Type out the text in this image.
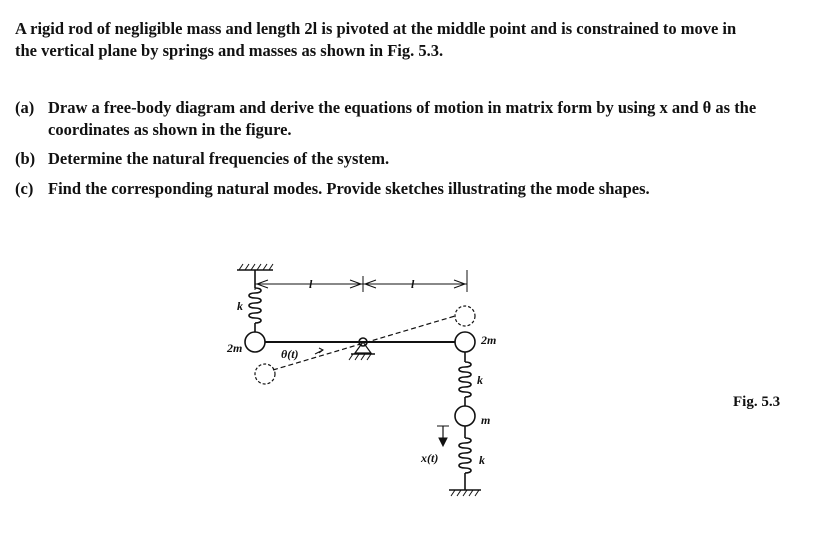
A rigid rod of negligible mass and length 2l is pivoted at the middle point and is constrained to move in
the vertical plane by springs and masses as shown in Fig. 5.3.
(a) Draw a free-body diagram and derive the equations of motion in matrix form by using x and θ as the
coordinates as shown in the figure.
(b) Determine the natural frequencies of the system.
(c) Find the corresponding natural modes. Provide sketches illustrating the mode shapes.
Fig. 5.3
l	l
k
2m	θ(t)
2m
k
m
x(t)	k
